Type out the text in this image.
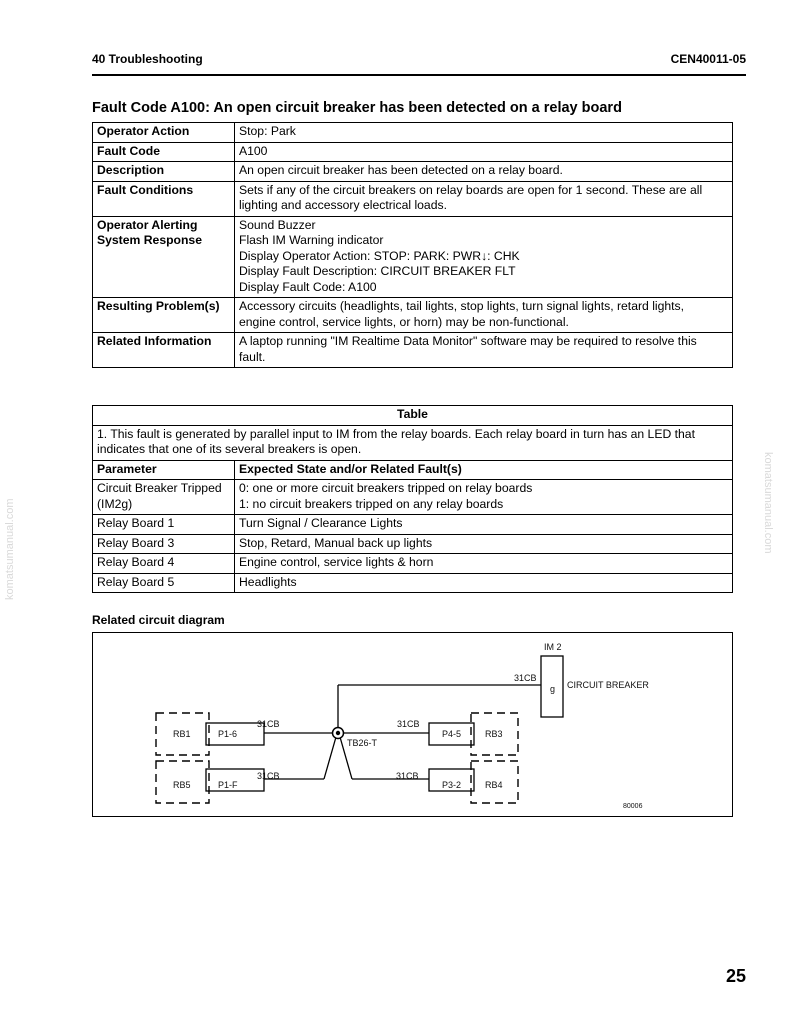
komatsumanual.com	komatsumanual.com
40 Troubleshooting	CEN40011-05
Fault Code A100: An open circuit breaker has been detected on a relay board
Operator Action	Stop: Park
Fault Code	A100
Description	An open circuit breaker has been detected on a relay board.
Fault Conditions	Sets if any of the circuit breakers on relay boards are open for 1 second. These are all
lighting and accessory electrical loads.
Operator Alerting
System Response	Sound Buzzer
Flash IM Warning indicator
Display Operator Action: STOP: PARK: PWR↓: CHK
Display Fault Description: CIRCUIT BREAKER FLT
Display Fault Code: A100
Resulting Problem(s)	Accessory circuits (headlights, tail lights, stop lights, turn signal lights, retard lights,
engine control, service lights, or horn) may be non-functional.
Related Information	A laptop running "IM Realtime Data Monitor" software may be required to resolve this
fault.
Table	
1. This fault is generated by parallel input to IM from the relay boards. Each relay board in turn has an LED that
indicates that one of its several breakers is open.	
Parameter	Expected State and/or Related Fault(s)
Circuit Breaker Tripped
(IM2g)	0: one or more circuit breakers tripped on relay boards
1: no circuit breakers tripped on any relay boards
Relay Board 1	Turn Signal / Clearance Lights
Relay Board 3	Stop, Retard, Manual back up lights
Relay Board 4	Engine control, service lights & horn
Relay Board 5	Headlights
Related circuit diagram
IM 2
g CIRCUIT BREAKER
31CB
31CB	31CB
31CB	31CB
TB26-T
RB1	P1-6
RB5	P1-F
P4-5	RB3
P3-2	RB4
80006
25
